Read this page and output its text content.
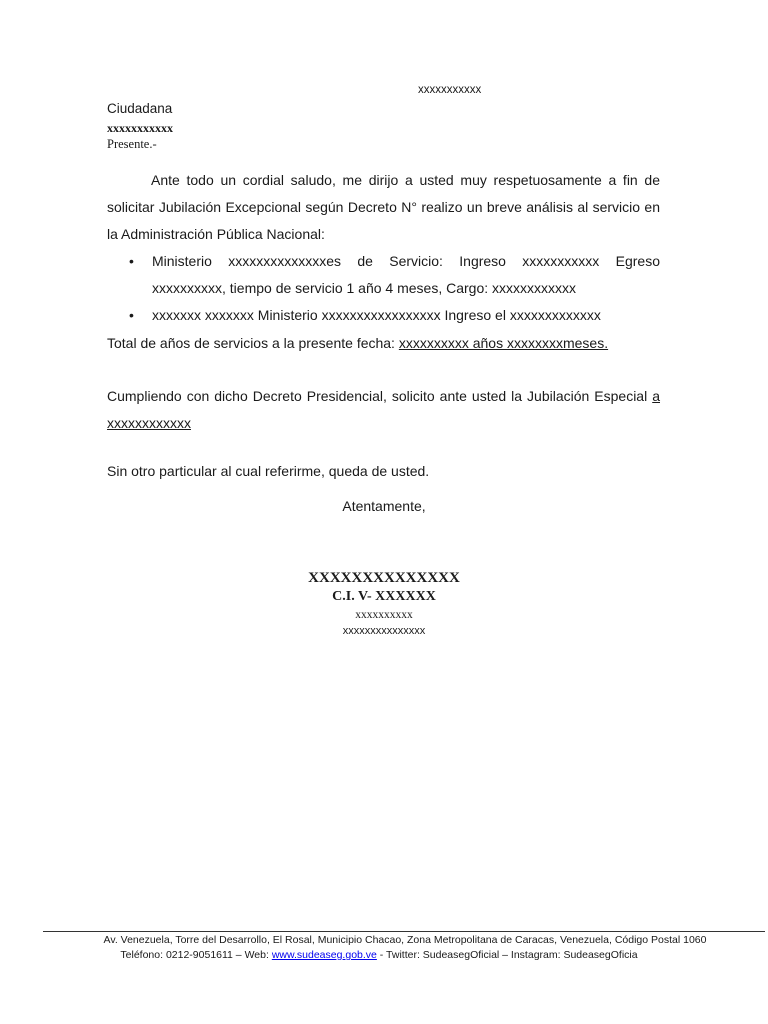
xxxxxxxxxxx
Ciudadana
xxxxxxxxxxx
Presente.-
Ante todo un cordial saludo, me dirijo a usted muy respetuosamente a fin de solicitar Jubilación Excepcional según Decreto N° realizo un breve análisis al servicio en la Administración Pública Nacional:
• Ministerio xxxxxxxxxxxxxxes de Servicio: Ingreso xxxxxxxxxxx Egreso xxxxxxxxxx, tiempo de servicio 1 año 4 meses, Cargo: xxxxxxxxxxxx
• xxxxxxx xxxxxxx Ministerio xxxxxxxxxxxxxxxxx Ingreso el xxxxxxxxxxxxx
Total de años de servicios a la presente fecha: xxxxxxxxxx años xxxxxxxxmeses.
Cumpliendo con dicho Decreto Presidencial, solicito ante usted la Jubilación Especial a xxxxxxxxxxxx
Sin otro particular al cual referirme, queda de usted.
Atentamente,
XXXXXXXXXXXXXX
C.I. V- XXXXXX
xxxxxxxxxx
xxxxxxxxxxxxxxx
Av. Venezuela, Torre del Desarrollo, El Rosal, Municipio Chacao, Zona Metropolitana de Caracas, Venezuela, Código Postal 1060
Teléfono: 0212-9051611 – Web: www.sudeaseg.gob.ve - Twitter: SudeasegOficial – Instagram: SudeasegOficia
